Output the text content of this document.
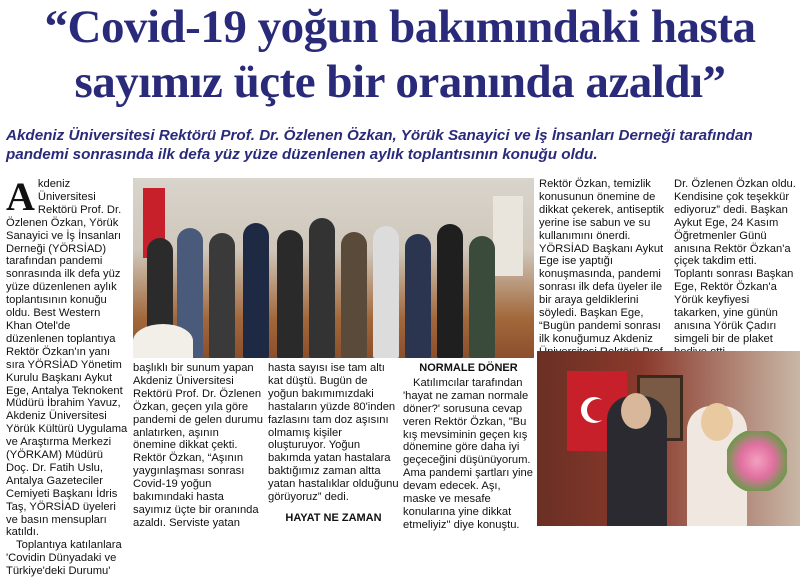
“Covid-19 yoğun bakımındaki hasta
sayımız üçte bir oranında azaldı”
Akdeniz Üniversitesi Rektörü Prof. Dr. Özlenen Özkan, Yörük Sanayici ve İş İnsanları Derneği tarafından pandemi sonrasında ilk defa yüz yüze düzenlenen aylık toplantısının konuğu oldu.
A kdeniz Üniversitesi Rektörü Prof. Dr. Özlenen Özkan, Yörük Sanayici ve İş İnsanları Derneği (YÖRSİAD) tarafından pandemi sonrasında ilk defa yüz yüze düzenlenen aylık toplantısının konuğu oldu. Best Western Khan Otel'de düzenlenen toplantıya Rektör Özkan'ın yanı sıra YÖRSİAD Yönetim Kurulu Başkanı Aykut Ege, Antalya Teknokent Müdürü İbrahim Yavuz, Akdeniz Üniversitesi Yörük Kültürü Uygulama ve Araştırma Merkezi (YÖRKAM) Müdürü Doç. Dr. Fatih Uslu, Antalya Gazeteciler Cemiyeti Başkanı İdris Taş, YÖRSİAD üyeleri ve basın mensupları katıldı.

Toplantıya katılanlara 'Covidin Dünyadaki ve Türkiye'deki Durumu'

başlıklı bir sunum yapan Akdeniz Üniversitesi Rektörü Prof. Dr. Özlenen Özkan, geçen yıla göre pandemi de gelen durumu anlatırken, aşının önemine dikkat çekti. Rektör Özkan, “Aşının yaygınlaşması sonrası Covid-19 yoğun bakımındaki hasta sayımız üçte bir oranında azaldı. Serviste yatan

hasta sayısı ise tam altı kat düştü. Bugün de yoğun bakımımızdaki hastaların yüzde 80'inden fazlasını tam doz aşısını olmamış kişiler oluşturuyor. Yoğun bakımda yatan hastalara baktığımız zaman altta yatan hastalıklar olduğunu görüyoruz” dedi.

HAYAT NE ZAMAN
NORMALE DÖNER

Katılımcılar tarafından 'hayat ne zaman normale döner?' sorusuna cevap veren Rektör Özkan, "Bu kış mevsiminin geçen kış dönemine göre daha iyi geçeceğini düşünüyorum. Ama pandemi şartları yine devam edecek. Aşı, maske ve mesafe konularına yine dikkat etmeliyiz" diye konuştu.

Rektör Özkan, temizlik konusunun önemine de dikkat çekerek, antiseptik yerine ise sabun ve su kullanımını önerdi. YÖRSİAD Başkanı Aykut Ege ise yaptığı konuşmasında, pandemi sonrası ilk defa üyeler ile bir araya geldiklerini söyledi. Başkan Ege, “Bugün pandemi sonrası ilk konuğumuz Akdeniz

Dr. Özlenen Özkan oldu. Kendisine çok teşekkür ediyoruz” dedi. Başkan Aykut Ege, 24 Kasım Öğretmenler Günü anısına Rektör Özkan'a çiçek takdim etti. Toplantı sonrası Başkan Ege, Rektör Özkan'a Yörük keyfiyesi takarken, yine günün anısına Yörük Çadırı simgeli bir de plaket
